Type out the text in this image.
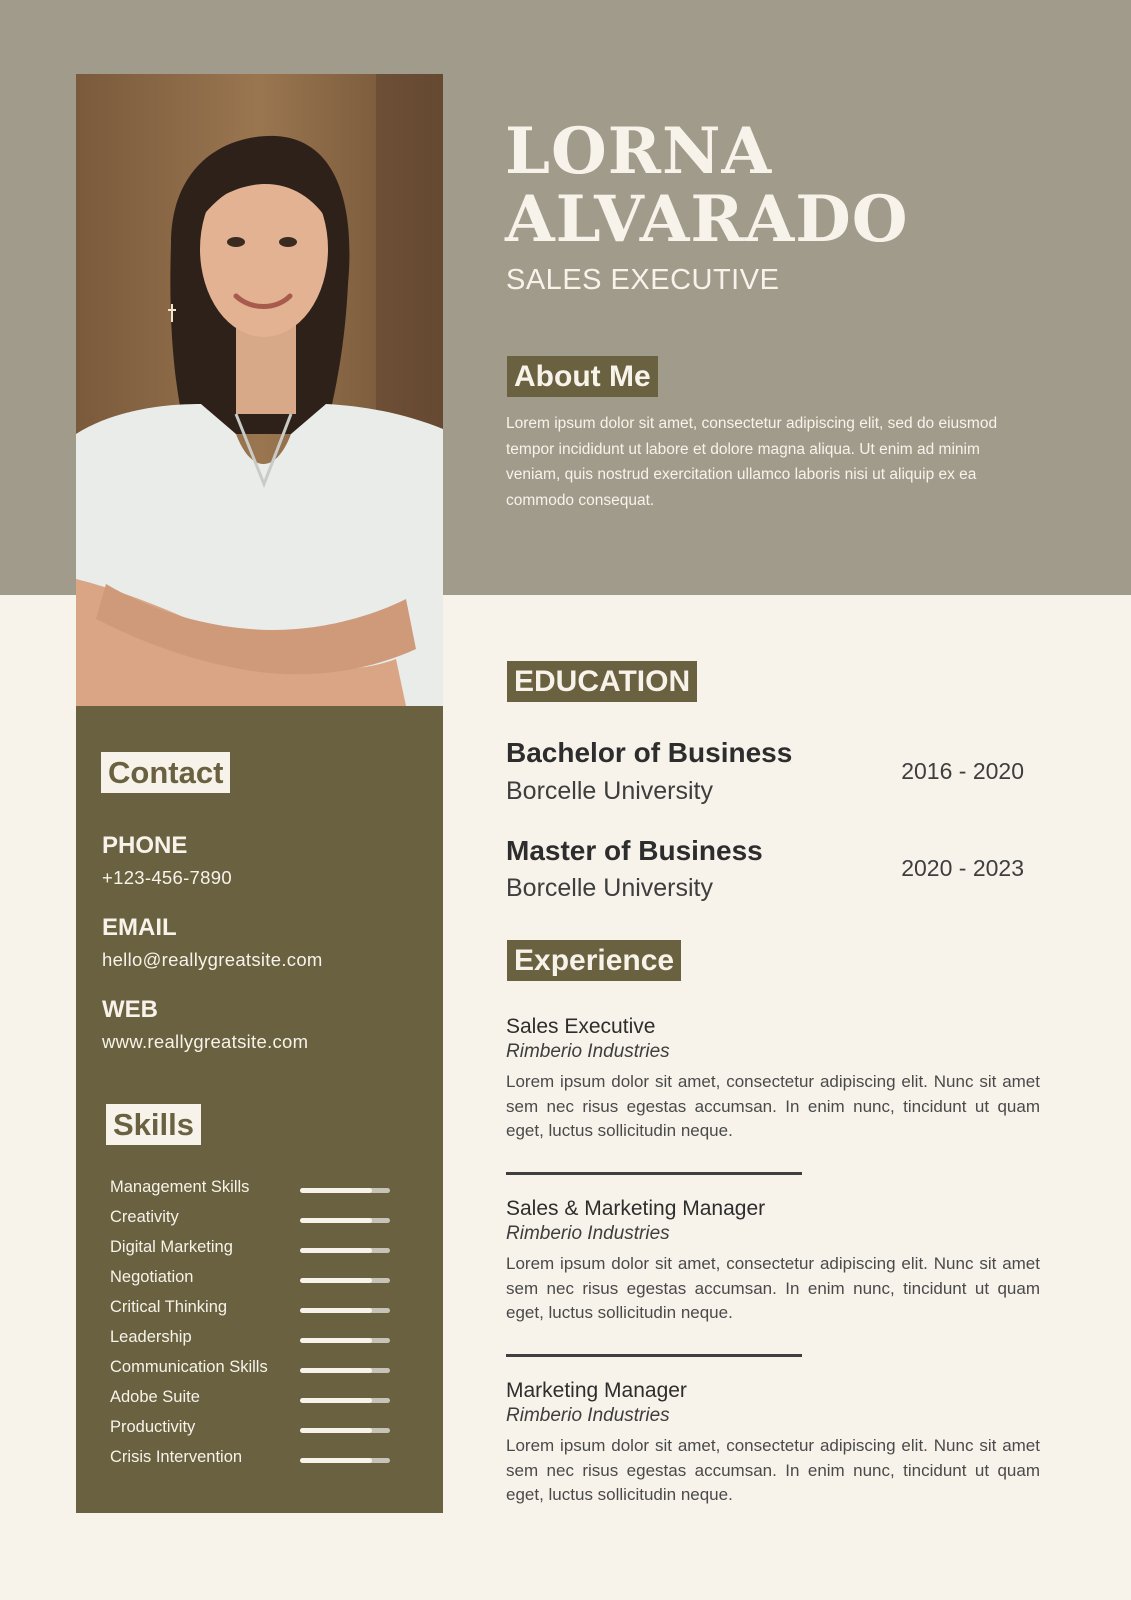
LORNA
ALVARADO
SALES EXECUTIVE
About Me
Lorem ipsum dolor sit amet, consectetur adipiscing elit, sed do eiusmod tempor incididunt ut labore et dolore magna aliqua. Ut enim ad minim veniam, quis nostrud exercitation ullamco laboris nisi ut aliquip ex ea commodo consequat.
EDUCATION
Bachelor of Business
Borcelle University
2016 - 2020
Master of Business
Borcelle University
2020 - 2023
Experience
Sales Executive
Rimberio Industries
Lorem ipsum dolor sit amet, consectetur adipiscing elit. Nunc sit amet sem nec risus egestas accumsan. In enim nunc, tincidunt ut quam eget, luctus sollicitudin neque.
Sales & Marketing Manager
Rimberio Industries
Lorem ipsum dolor sit amet, consectetur adipiscing elit. Nunc sit amet sem nec risus egestas accumsan. In enim nunc, tincidunt ut quam eget, luctus sollicitudin neque.
Marketing Manager
Rimberio Industries
Lorem ipsum dolor sit amet, consectetur adipiscing elit. Nunc sit amet sem nec risus egestas accumsan. In enim nunc, tincidunt ut quam eget, luctus sollicitudin neque.
Contact
PHONE
+123-456-7890
EMAIL
hello@reallygreatsite.com
WEB
www.reallygreatsite.com
Skills
Management Skills
Creativity
Digital Marketing
Negotiation
Critical Thinking
Leadership
Communication Skills
Adobe Suite
Productivity
Crisis Intervention
